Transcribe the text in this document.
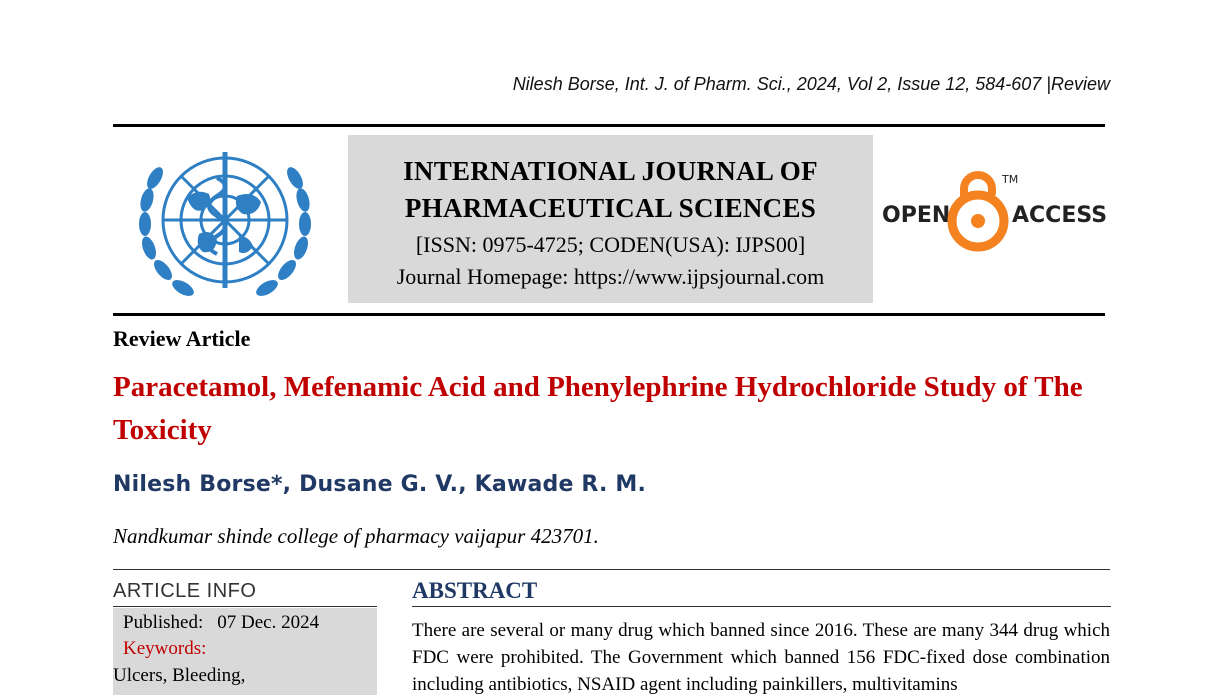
Nilesh Borse, Int. J. of Pharm. Sci., 2024, Vol 2, Issue 12, 584-607 |Review
INTERNATIONAL JOURNAL OF
PHARMACEUTICAL SCIENCES
[ISSN: 0975-4725; CODEN(USA): IJPS00]
Journal Homepage: https://www.ijpsjournal.com
OPEN
TM
ACCESS
Review Article
Paracetamol, Mefenamic Acid and Phenylephrine Hydrochloride Study of The Toxicity
Nilesh Borse*, Dusane G. V., Kawade R. M.
Nandkumar shinde college of pharmacy vaijapur 423701.
ARTICLE INFO
Published: 07 Dec. 2024
Keywords:
Ulcers, Bleeding,
ABSTRACT
There are several or many drug which banned since 2016. These are many 344 drug which FDC were prohibited. The Government which banned 156 FDC-fixed dose combination including antibiotics, NSAID agent including painkillers, multivitamins
